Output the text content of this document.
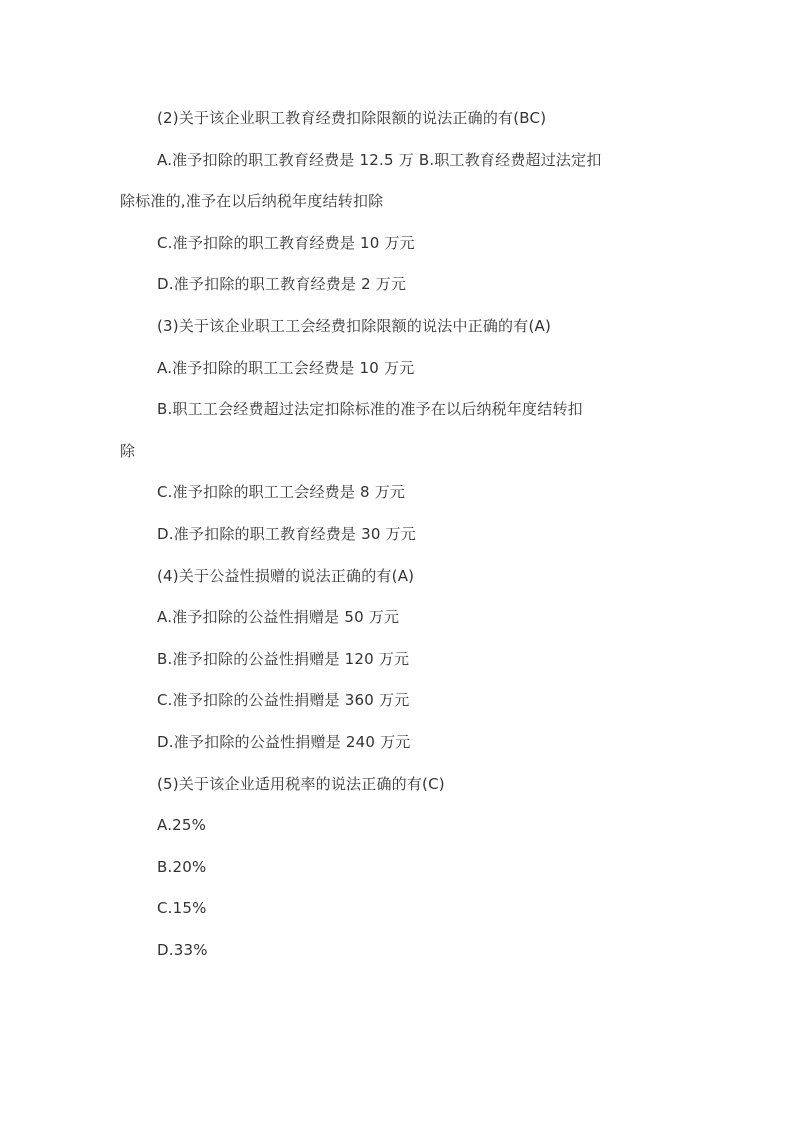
(2)关于该企业职工教育经费扣除限额的说法正确的有(BC)
A.准予扣除的职工教育经费是 12.5 万 B.职工教育经费超过法定扣
除标准的,准予在以后纳税年度结转扣除
C.准予扣除的职工教育经费是 10 万元
D.准予扣除的职工教育经费是 2 万元
(3)关于该企业职工工会经费扣除限额的说法中正确的有(A)
A.准予扣除的职工工会经费是 10 万元
B.职工工会经费超过法定扣除标准的准予在以后纳税年度结转扣
除
C.准予扣除的职工工会经费是 8 万元
D.准予扣除的职工教育经费是 30 万元
(4)关于公益性损赠的说法正确的有(A)
A.准予扣除的公益性捐赠是 50 万元
B.准予扣除的公益性捐赠是 120 万元
C.准予扣除的公益性捐赠是 360 万元
D.准予扣除的公益性捐赠是 240 万元
(5)关于该企业适用税率的说法正确的有(C)
A.25%
B.20%
C.15%
D.33%
